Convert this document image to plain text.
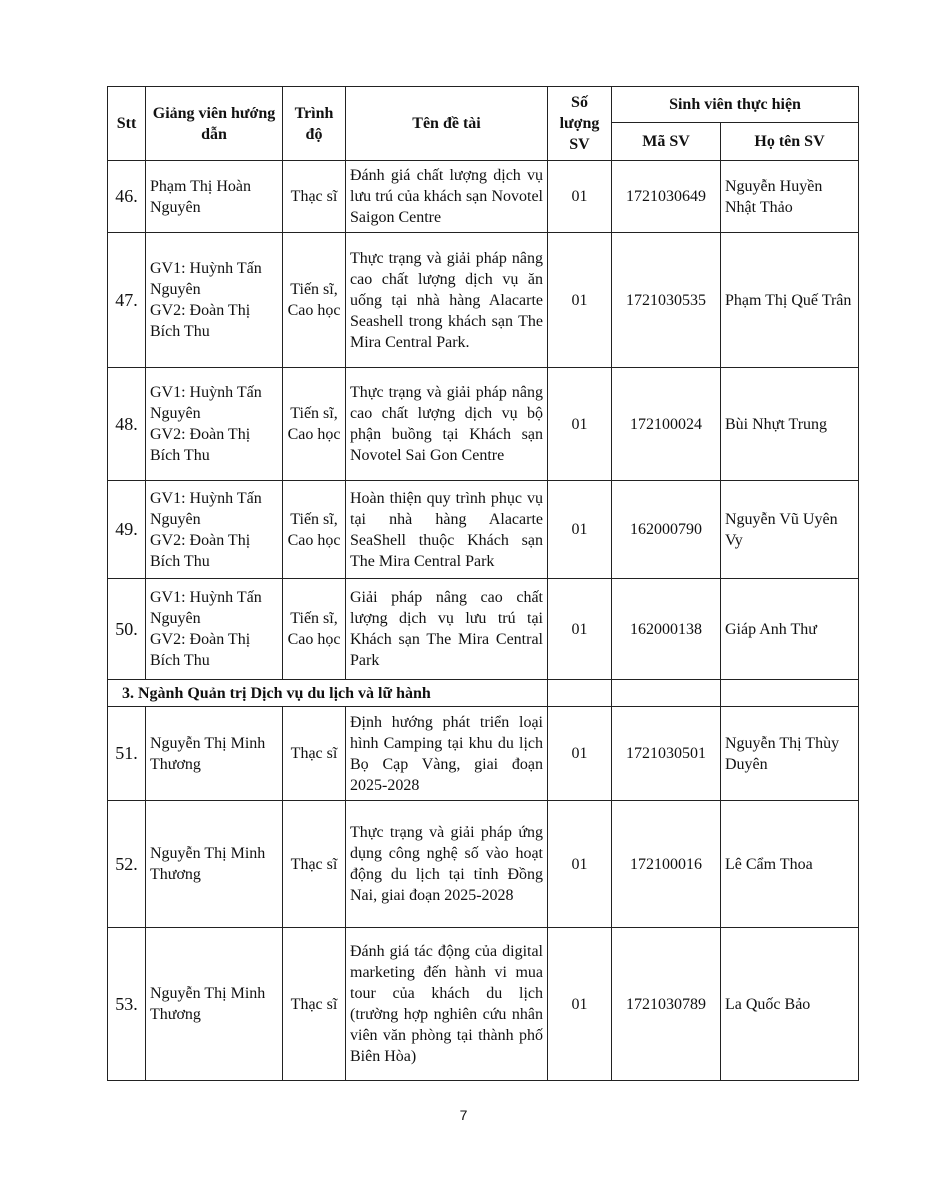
Stt	Giảng viên hướng dẫn	Trình độ	Tên đề tài	Số lượng SV	Sinh viên thực hiện	
					Mã SV	Họ tên SV
46.	Phạm Thị Hoàn Nguyên	Thạc sĩ	Đánh giá chất lượng dịch vụ lưu trú của khách sạn Novotel Saigon Centre	01	1721030649	Nguyễn Huyền Nhật Thảo
47.	GV1: Huỳnh Tấn Nguyên
GV2: Đoàn Thị Bích Thu	Tiến sĩ, Cao học	Thực trạng và giải pháp nâng cao chất lượng dịch vụ ăn uống tại nhà hàng Alacarte Seashell trong khách sạn The Mira Central Park.	01	1721030535	Phạm Thị Quế Trân
48.	GV1: Huỳnh Tấn Nguyên
GV2: Đoàn Thị Bích Thu	Tiến sĩ, Cao học	Thực trạng và giải pháp nâng cao chất lượng dịch vụ bộ phận buồng tại Khách sạn Novotel Sai Gon Centre	01	172100024	Bùi Nhựt Trung
49.	GV1: Huỳnh Tấn Nguyên
GV2: Đoàn Thị Bích Thu	Tiến sĩ, Cao học	Hoàn thiện quy trình phục vụ tại nhà hàng Alacarte SeaShell thuộc Khách sạn The Mira Central Park	01	162000790	Nguyễn Vũ Uyên Vy
50.	GV1: Huỳnh Tấn Nguyên
GV2: Đoàn Thị Bích Thu	Tiến sĩ, Cao học	Giải pháp nâng cao chất lượng dịch vụ lưu trú tại Khách sạn The Mira Central Park	01	162000138	Giáp Anh Thư
3. Ngành Quản trị Dịch vụ du lịch và lữ hành						
51.	Nguyễn Thị Minh Thương	Thạc sĩ	Định hướng phát triển loại hình Camping tại khu du lịch Bọ Cạp Vàng, giai đoạn 2025-2028	01	1721030501	Nguyễn Thị Thùy Duyên
52.	Nguyễn Thị Minh Thương	Thạc sĩ	Thực trạng và giải pháp ứng dụng công nghệ số vào hoạt động du lịch tại tỉnh Đồng Nai, giai đoạn 2025-2028	01	172100016	Lê Cẩm Thoa
53.	Nguyễn Thị Minh Thương	Thạc sĩ	Đánh giá tác động của digital marketing đến hành vi mua tour của khách du lịch (trường hợp nghiên cứu nhân viên văn phòng tại thành phố Biên Hòa)	01	1721030789	La Quốc Bảo
7
